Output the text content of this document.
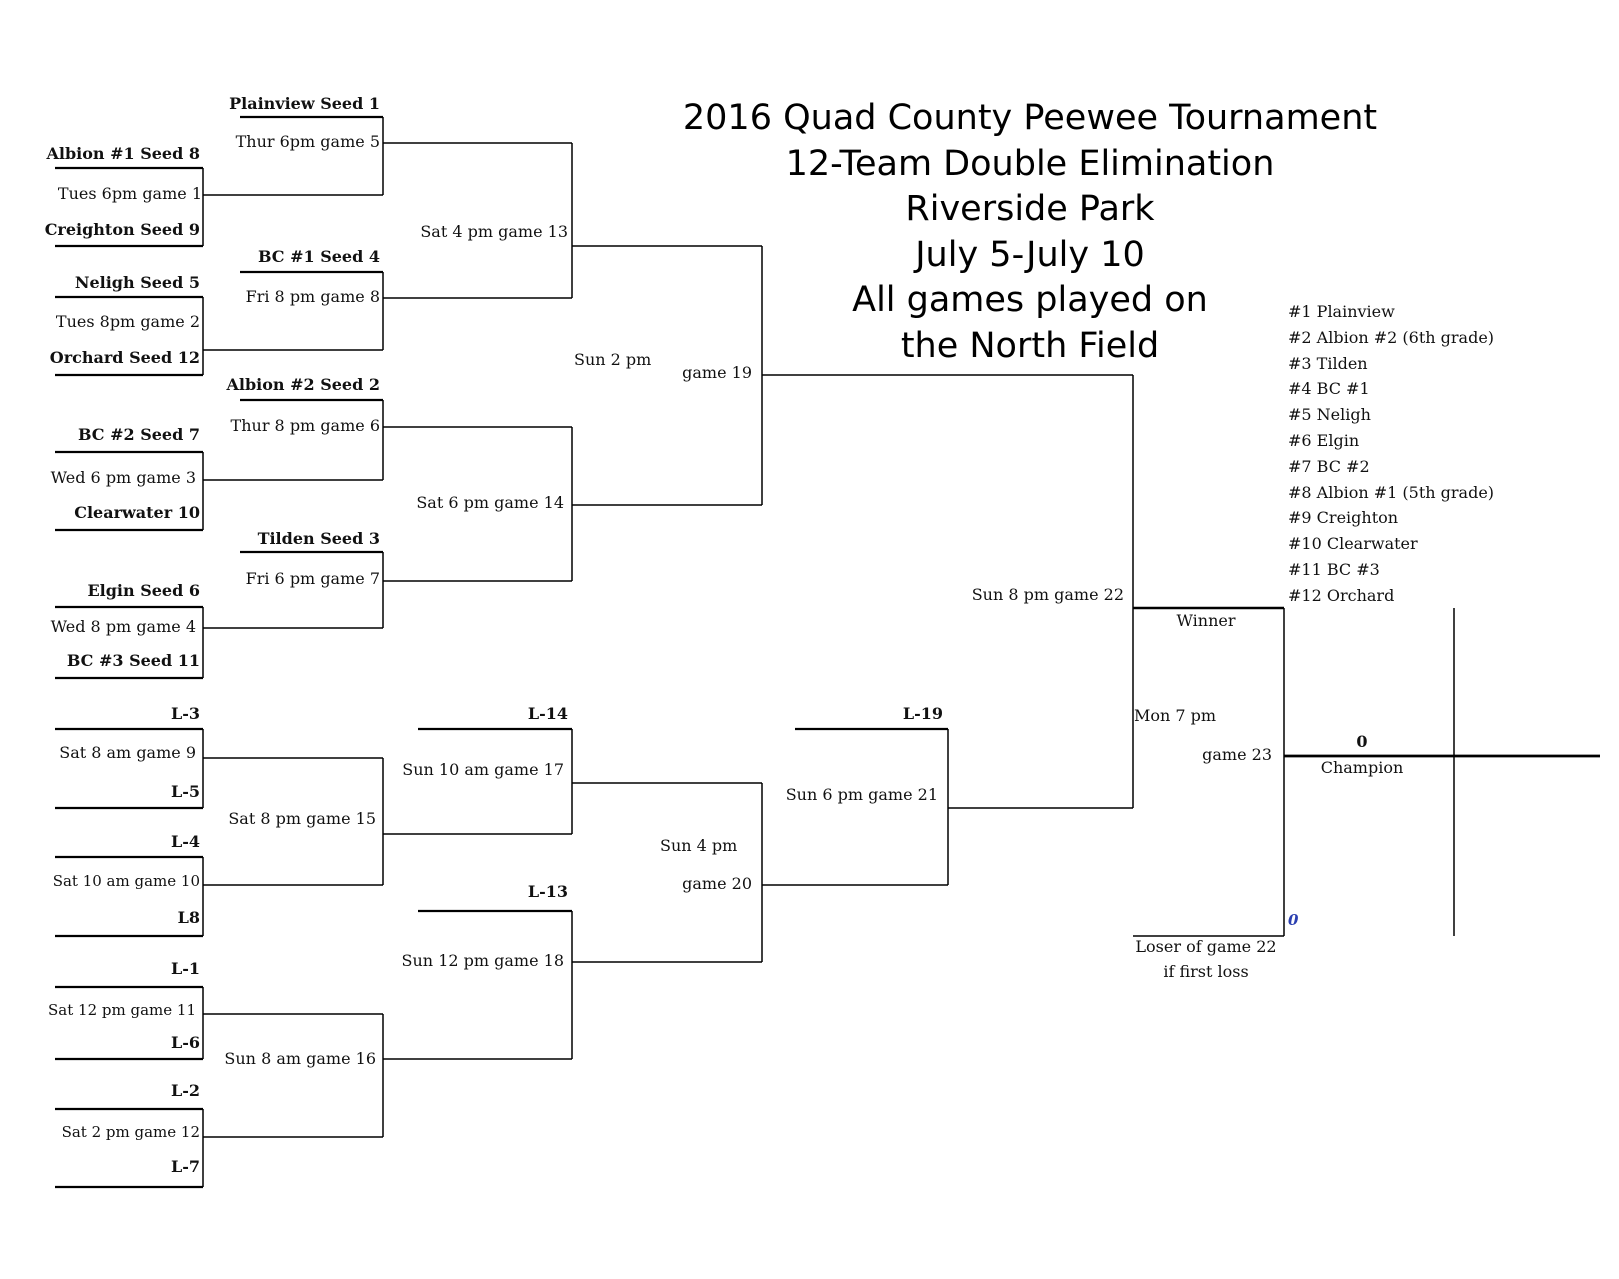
2016 Quad County Peewee Tournament
12-Team Double Elimination
Riverside Park
July 5-July 10
All games played on
the North Field
#1 Plainview
#2 Albion #2 (6th grade)
#3 Tilden
#4 BC #1
#5 Neligh
#6 Elgin
#7 BC #2
#8 Albion #1 (5th grade)
#9 Creighton
#10 Clearwater
#11 BC #3
#12 Orchard
Plainview Seed 1
Albion #1 Seed 8
Creighton Seed 9
BC #1 Seed 4
Neligh Seed 5
Orchard Seed 12
Albion #2 Seed 2
BC #2 Seed 7
Clearwater 10
Tilden Seed 3
Elgin Seed 6
BC #3 Seed 11
L-3
L-5
L-4
L8
L-1
L-6
L-2
L-7
L-14
L-13
L-19
Tues 6pm game 1
Tues 8pm game 2
Wed 6 pm game 3
Wed 8 pm game 4
Thur 6pm game 5
Thur 8 pm game 6
Fri 6 pm game 7
Fri 8 pm game 8
Sat 8 am game 9
Sat 10 am game 10
Sat 12 pm game 11
Sat 2 pm game 12
Sat 4 pm game 13
Sat 6 pm game 14
Sat 8 pm game 15
Sun 8 am game 16
Sun 10 am game 17
Sun 12 pm game 18
Sun 2 pm
game 19
Sun 4 pm
game 20
Sun 6 pm game 21
Sun 8 pm game 22
Mon 7 pm
game 23
Winner
0
Champion
Loser of game 22
if first loss
0
